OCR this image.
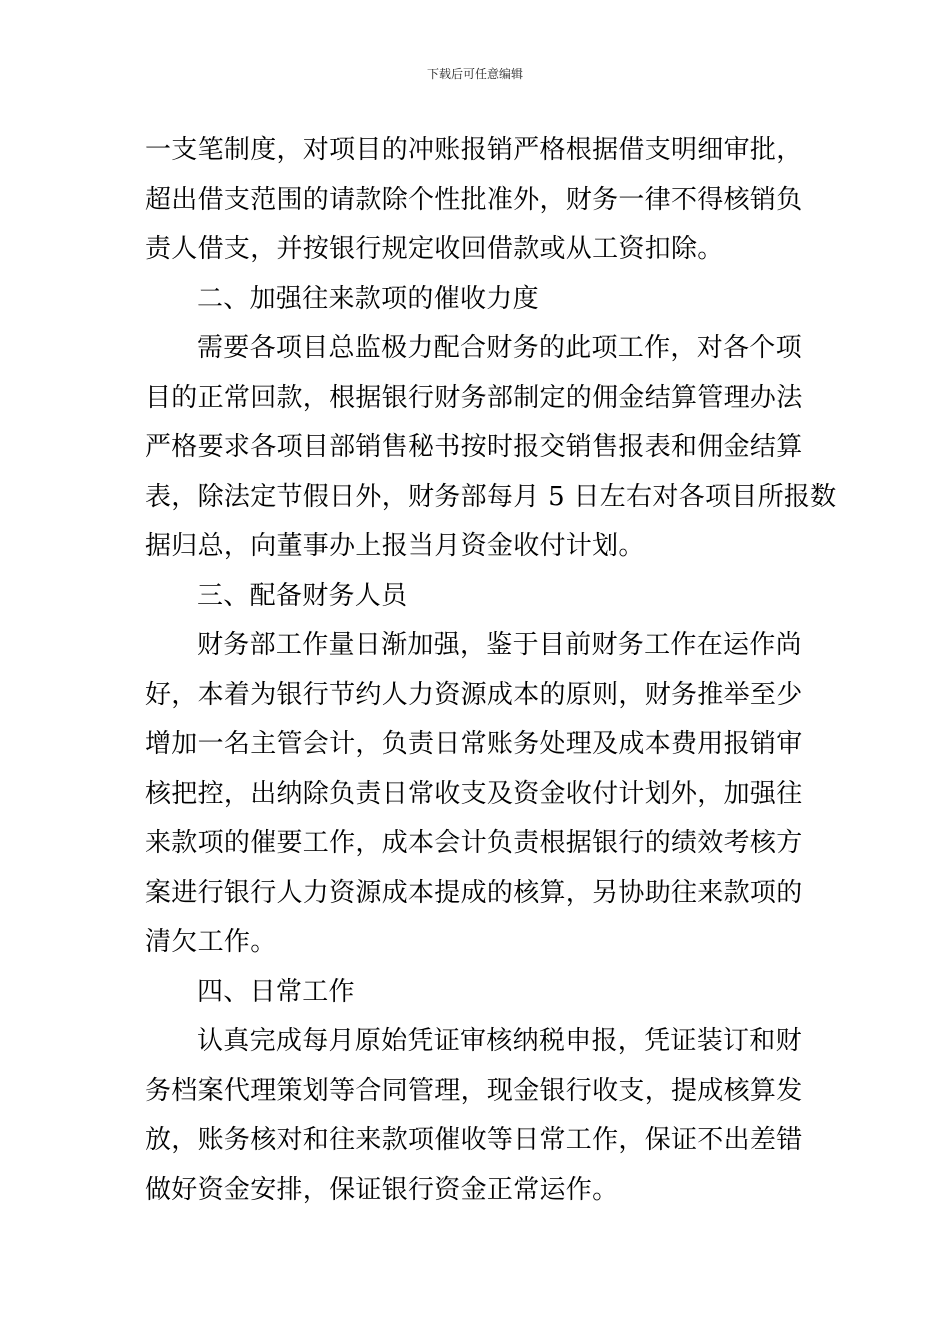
下载后可任意编辑
一支笔制度，对项目的冲账报销严格根据借支明细审批，
超出借支范围的请款除个性批准外，财务一律不得核销负
责人借支，并按银行规定收回借款或从工资扣除。
二、加强往来款项的催收力度
需要各项目总监极力配合财务的此项工作，对各个项
目的正常回款，根据银行财务部制定的佣金结算管理办法
严格要求各项目部销售秘书按时报交销售报表和佣金结算
表，除法定节假日外，财务部每月 5 日左右对各项目所报数
据归总，向董事办上报当月资金收付计划。
三、配备财务人员
财务部工作量日渐加强，鉴于目前财务工作在运作尚
好，本着为银行节约人力资源成本的原则，财务推举至少
增加一名主管会计，负责日常账务处理及成本费用报销审
核把控，出纳除负责日常收支及资金收付计划外，加强往
来款项的催要工作，成本会计负责根据银行的绩效考核方
案进行银行人力资源成本提成的核算，另协助往来款项的
清欠工作。
四、日常工作
认真完成每月原始凭证审核纳税申报，凭证装订和财
务档案代理策划等合同管理，现金银行收支，提成核算发
放，账务核对和往来款项催收等日常工作，保证不出差错
做好资金安排，保证银行资金正常运作。
